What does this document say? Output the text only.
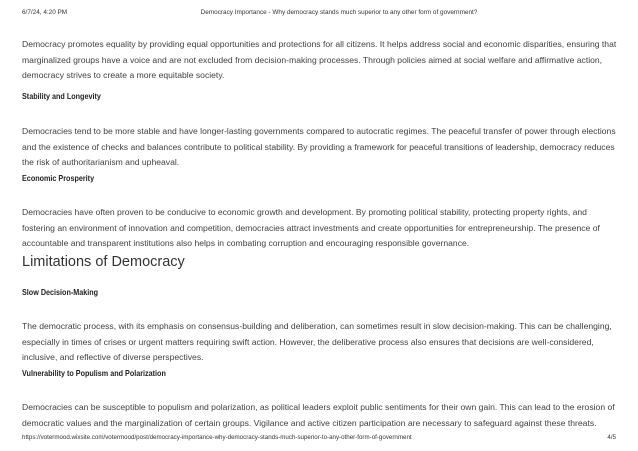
6/7/24, 4:20 PM	Democracy Importance - Why democracy stands much superior to any other form of government?

Democracy promotes equality by providing equal opportunities and protections for all citizens. It helps address social and economic disparities, ensuring that marginalized groups have a voice and are not excluded from decision-making processes. Through policies aimed at social welfare and affirmative action, democracy strives to create a more equitable society.

Stability and Longevity

Democracies tend to be more stable and have longer-lasting governments compared to autocratic regimes. The peaceful transfer of power through elections and the existence of checks and balances contribute to political stability. By providing a framework for peaceful transitions of leadership, democracy reduces the risk of authoritarianism and upheaval.

Economic Prosperity

Democracies have often proven to be conducive to economic growth and development. By promoting political stability, protecting property rights, and fostering an environment of innovation and competition, democracies attract investments and create opportunities for entrepreneurship. The presence of accountable and transparent institutions also helps in combating corruption and encouraging responsible governance.

Limitations of Democracy
Slow Decision-Making

The democratic process, with its emphasis on consensus-building and deliberation, can sometimes result in slow decision-making. This can be challenging, especially in times of crises or urgent matters requiring swift action. However, the deliberative process also ensures that decisions are well-considered, inclusive, and reflective of diverse perspectives.

Vulnerability to Populism and Polarization

Democracies can be susceptible to populism and polarization, as political leaders exploit public sentiments for their own gain. This can lead to the erosion of democratic values and the marginalization of certain groups. Vigilance and active citizen participation are necessary to safeguard against these threats.

https://votermood.wixsite.com/votermood/post/democracy-importance-why-democracy-stands-much-superior-to-any-other-form-of-government	4/5
